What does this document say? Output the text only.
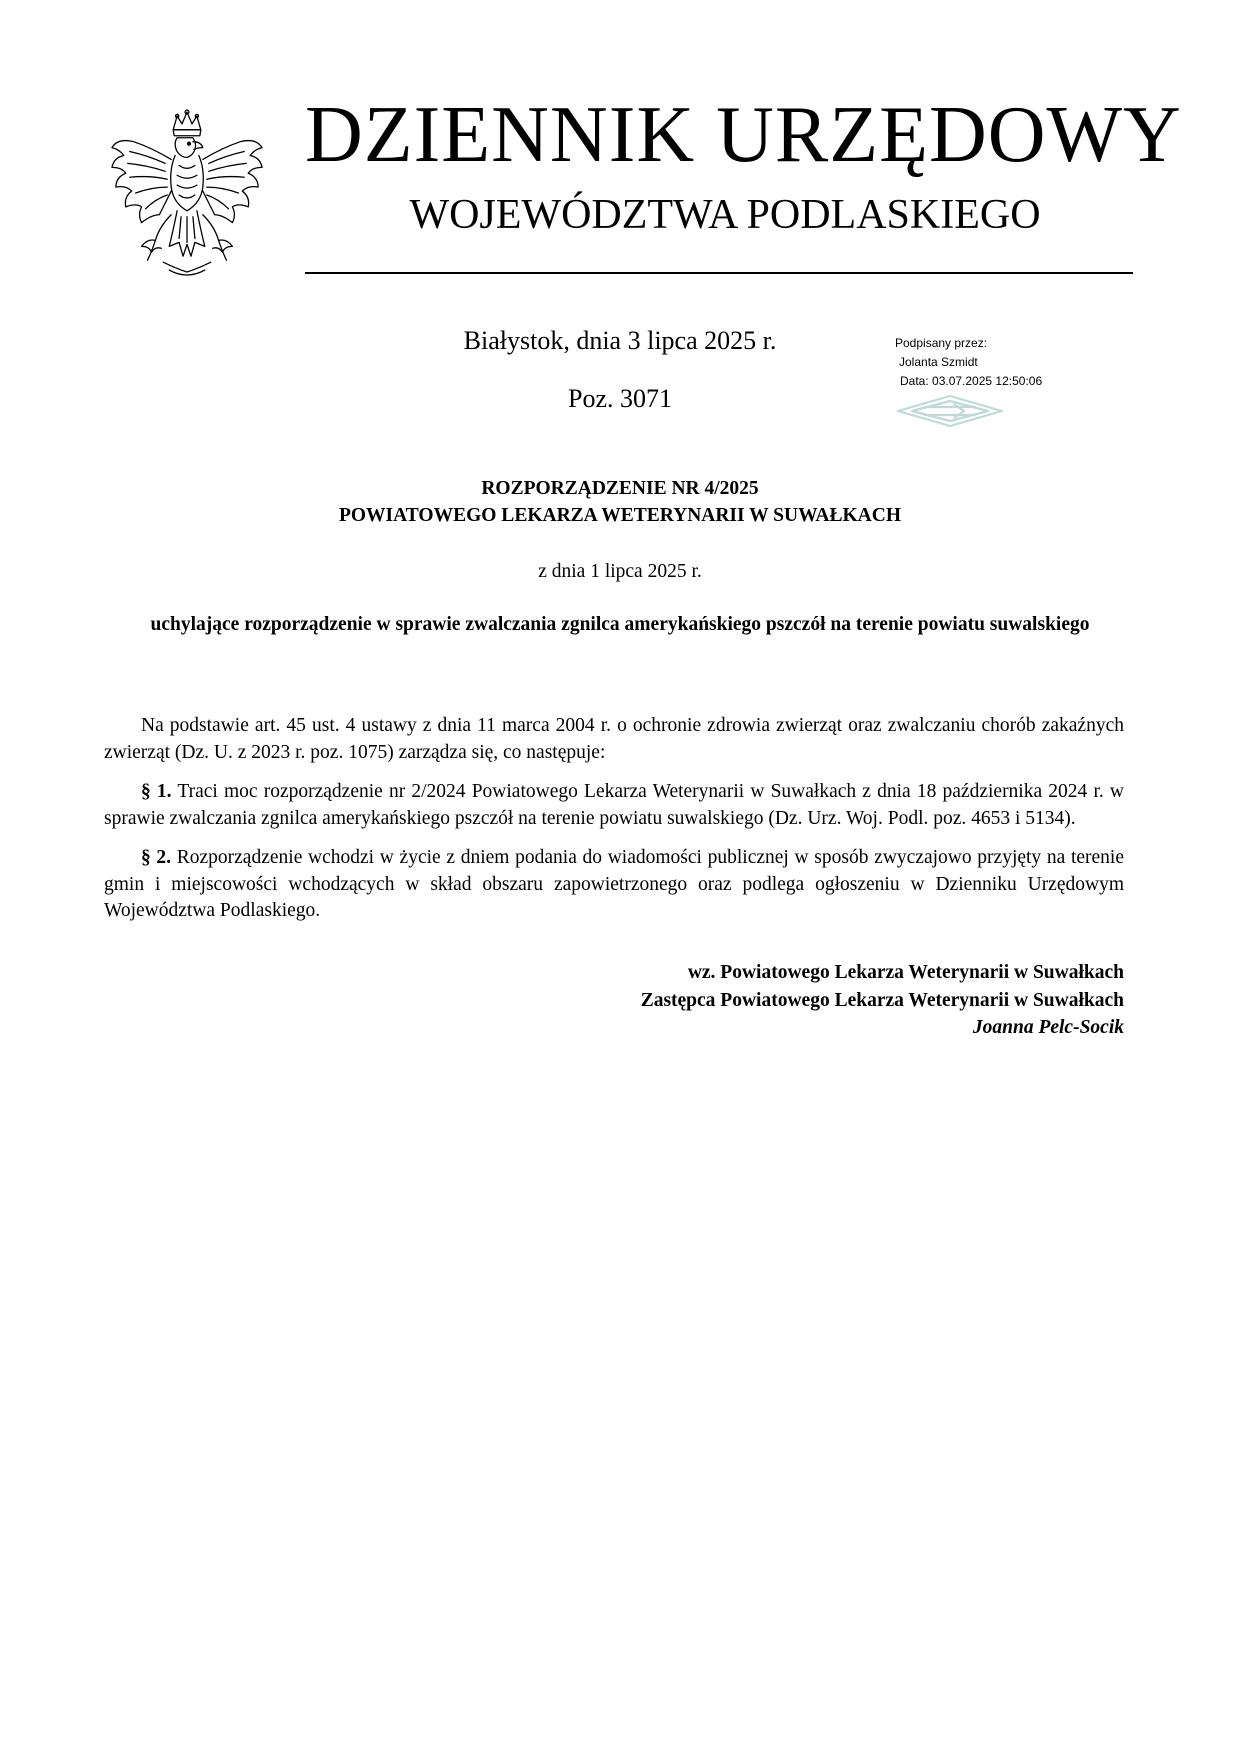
DZIENNIK URZĘDOWY
WOJEWÓDZTWA PODLASKIEGO
Białystok, dnia 3 lipca 2025 r.
Poz. 3071
Podpisany przez:
Jolanta Szmidt
Data: 03.07.2025 12:50:06
ROZPORZĄDZENIE NR 4/2025
POWIATOWEGO LEKARZA WETERYNARII W SUWAŁKACH
z dnia 1 lipca 2025 r.
uchylające rozporządzenie w sprawie zwalczania zgnilca amerykańskiego pszczół na terenie powiatu suwalskiego

Na podstawie art. 45 ust. 4 ustawy z dnia 11 marca 2004 r. o ochronie zdrowia zwierząt oraz zwalczaniu chorób zakaźnych zwierząt (Dz. U. z 2023 r. poz. 1075) zarządza się, co następuje:

§ 1. Traci moc rozporządzenie nr 2/2024 Powiatowego Lekarza Weterynarii w Suwałkach z dnia 18 października 2024 r. w sprawie zwalczania zgnilca amerykańskiego pszczół na terenie powiatu suwalskiego (Dz. Urz. Woj. Podl. poz. 4653 i 5134).

§ 2. Rozporządzenie wchodzi w życie z dniem podania do wiadomości publicznej w sposób zwyczajowo przyjęty na terenie gmin i miejscowości wchodzących w skład obszaru zapowietrzonego oraz podlega ogłoszeniu w Dzienniku Urzędowym Województwa Podlaskiego.

wz. Powiatowego Lekarza Weterynarii w Suwałkach
Zastępca Powiatowego Lekarza Weterynarii w Suwałkach
Joanna Pelc-Socik
